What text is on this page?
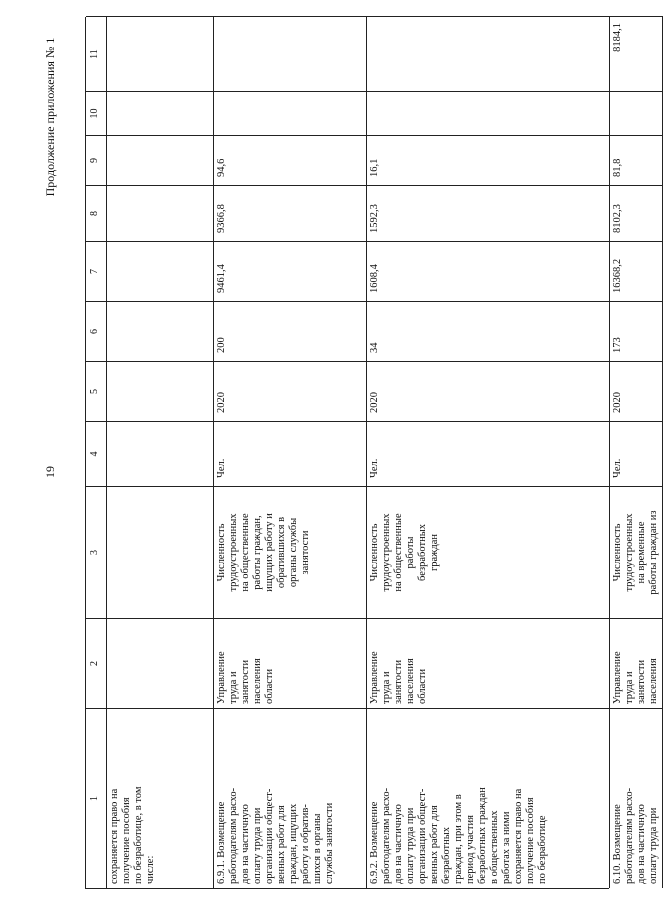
19
Продолжение приложения № 1
1
2
3
4
5
6
7
8
9
10
11
сохраняется право на
получение пособия
по безработице, в том
числе:	6.9.1. Возмещение
работодателям расхо-
дов на частичную
оплату труда при
организации общест-
венных работ для
граждан, ищущих
работу и обратив-
шихся в органы
службы занятости
Управление
труда и
занятости
населения
области
Численность
трудоустроенных
на общественные
работы граждан,
ищущих работу и
обратившихся в
органы службы
занятости
Чел.
2020
200
9461,4
9366,8
94,6
6.9.2. Возмещение
работодателям расхо-
дов на частичную
оплату труда при
организации общест-
венных работ для
безработных
граждан, при этом в
период участия
безработных граждан
в общественных
работах за ними
сохраняется право на
получение пособия
по безработице
Управление
труда и
занятости
населения
области
Численность
трудоустроенных
на общественные
работы
безработных
граждан
Чел.
2020
34
1608,4
1592,3
16,1
6.10. Возмещение
работодателям расхо-
дов на частичную
оплату труда при
Управление
труда и
занятости
населения
Численность
трудоустроенных
на временные
работы граждан из
Чел.
2020
173
16368,2
8102,3
81,8
8184,1
